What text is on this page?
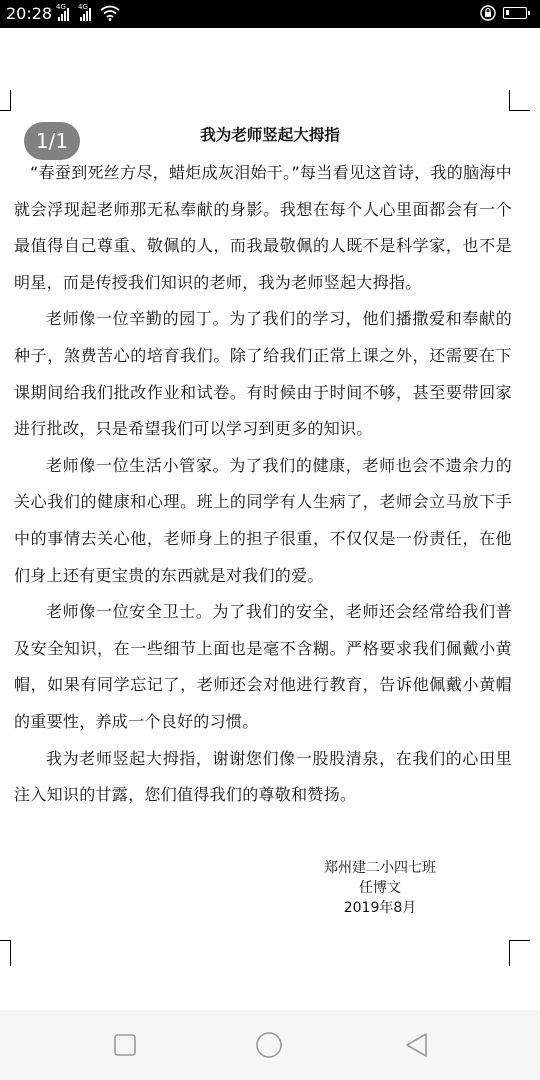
20:28 4G 4G
我为老师竖起大拇指

“春蚕到死丝方尽，蜡炬成灰泪始干。”每当看见这首诗，我的脑海中就会浮现起老师那无私奉献的身影。我想在每个人心里面都会有一个最值得自己尊重、敬佩的人，而我最敬佩的人既不是科学家，也不是明星，而是传授我们知识的老师，我为老师竖起大拇指。

老师像一位辛勤的园丁。为了我们的学习，他们播撒爱和奉献的种子，煞费苦心的培育我们。除了给我们正常上课之外，还需要在下课期间给我们批改作业和试卷。有时候由于时间不够，甚至要带回家进行批改，只是希望我们可以学习到更多的知识。

老师像一位生活小管家。为了我们的健康，老师也会不遗余力的关心我们的健康和心理。班上的同学有人生病了，老师会立马放下手中的事情去关心他，老师身上的担子很重，不仅仅是一份责任，在他们身上还有更宝贵的东西就是对我们的爱。

老师像一位安全卫士。为了我们的安全，老师还会经常给我们普及安全知识，在一些细节上面也是毫不含糊。严格要求我们佩戴小黄帽，如果有同学忘记了，老师还会对他进行教育，告诉他佩戴小黄帽的重要性，养成一个良好的习惯。

我为老师竖起大拇指，谢谢您们像一股股清泉，在我们的心田里注入知识的甘露，您们值得我们的尊敬和赞扬。

郑州建二小四七班
任博文
2019年8月
1/1
